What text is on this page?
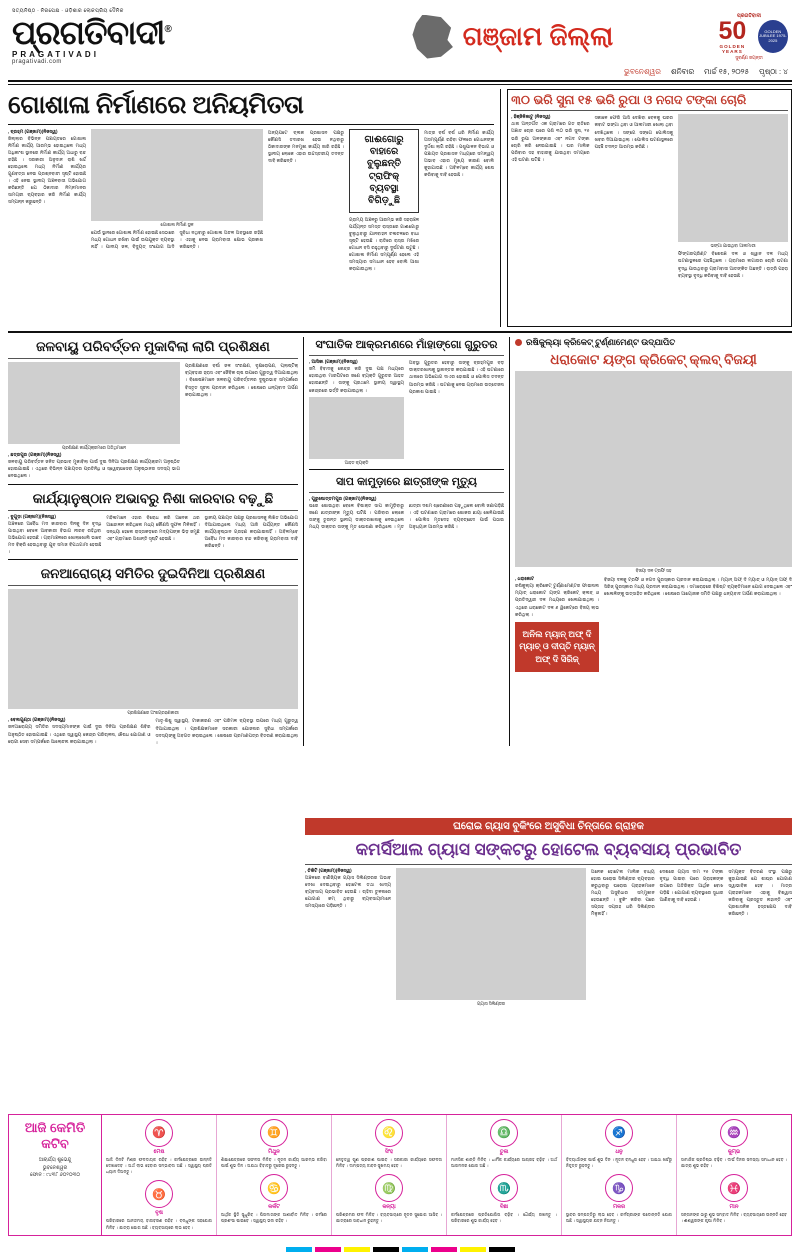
ସତ୍ୟନିଷ୍ଠ · ନିରପେକ୍ଷ · ଓଡ଼ିଶାର ଲୋକପ୍ରିୟ ଦୈନିକ
ପ୍ରଗତିବାଦୀ®
PRAGATIVADI
pragativadi.com
ଗଞ୍ଜାମ ଜିଲ୍ଲା
ପ୍ରଗତିବାଦୀ
50
GOLDEN YEARS
GOLDEN JUBILEE 1975-2025
ସୁବର୍ଣ୍ଣ ଜୟନ୍ତୀ
ଭୁବନେଶ୍ୱର ଶନିବାର ମାର୍ଚ୍ଚ ୧୫, ୨୦୨୫ ପୃଷ୍ଠା : ୪
ଗୋଶାଳା ନିର୍ମାଣରେ ଅନିୟମିତତା
‚ ବ୍ରହ୍ମ (ଗଞ୍ଜାମ)(ନିଜସ୍ୱ)
ଜିଲ୍ଲାର ବିଭିନ୍ନ ପଞ୍ଚାୟତରେ ଗୋଶାଳା ନିର୍ମାଣ କାର୍ଯ୍ୟ ଆରମ୍ଭ ହୋଇଥିଲେ ମଧ୍ୟ ଅଧିକାଂଶ ସ୍ଥାନରେ ନିର୍ମାଣ କାର୍ଯ୍ୟ ଅଧାରୁ ବନ୍ଦ ରହିଛି । ସରକାରୀ ଅନୁଦାନ ରାଶି ଖର୍ଚ୍ଚ ହୋଇଥିଲେ ମଧ୍ୟ ନିର୍ମାଣ କାର୍ଯ୍ୟର ଗୁଣବତ୍ତା ନେଇ ପ୍ରଶ୍ନବାଚୀ ସୃଷ୍ଟି ହୋଇଛି । ଏହି ନେଇ ସ୍ଥାନୀୟ ଅଞ୍ଚଳବାସୀ ଅଭିଯୋଗ କରିଛନ୍ତି ଯେ ଠିକାଦାର ନିମ୍ନମାନର ସାମଗ୍ରୀ ବ୍ୟବହାର କରି ନିର୍ମାଣ କାର୍ଯ୍ୟ ସମ୍ପନ୍ନ କରୁଛନ୍ତି ।
ଗୋଶାଳା ନିର୍ମାଣ ସ୍ଥଳ
ଯେଉଁ ସ୍ଥାନରେ ଗୋଶାଳା ନିର୍ମାଣ ହୋଇଛି ସେଠାରେ ମଧ୍ୟ ଗୋଧନ ରଖିବା ପାଇଁ ଉପଯୁକ୍ତ ବ୍ୟବସ୍ଥା ନାହିଁ । ପାନୀୟ ଜଳ, ବିଦ୍ୟୁତ୍ ସଂଯୋଗ ଆଦି ସୁବିଧା ନଥିବାରୁ ଗୋଶାଳା ଅଚଳ ଅବସ୍ଥାରେ ରହିଛି । ଏହାକୁ ନେଇ ଗ୍ରାମବାସୀ କ୍ଷୋଭ ପ୍ରକାଶ କରିଛନ୍ତି ।
ଅନ୍ୟପଟେ ବ୍ଲକ ପ୍ରଶାସନ ପକ୍ଷରୁ କୌଣସି ତଦାରଖ ହେଉ ନଥିବାରୁ ଠିକାଦାରଙ୍କ ମନମୁଖୀ କାର୍ଯ୍ୟ ଜାରି ରହିଛି । ସ୍ଥାନୀୟ ଲୋକେ ଏହାର ଉଚ୍ଚସ୍ତରୀୟ ତଦନ୍ତ ଦାବି କରିଛନ୍ତି ।
ଗାଈଗୋରୁ ବାହାରେ ବୁଲୁଛନ୍ତି ଟ୍ରାଫିକ୍ ବ୍ୟବସ୍ଥା ବିଗିଡ଼ୁଛି
ଗ୍ରାମ୍ୟ ଅଞ୍ଚଳରୁ ଆରମ୍ଭ କରି ସହରାଞ୍ଚଳ ପର୍ଯ୍ୟନ୍ତ ସମସ୍ତ ରାସ୍ତାରେ ଗାଈଗୋରୁ ବୁଲୁଥିବାରୁ ଯାନବାହନ ଚଳାଚଳରେ ବାଧା ସୃଷ୍ଟି ହେଉଛି । ରାତିରେ ରାସ୍ତା ମଝିରେ ଗୋଧନ ବସି ରହୁଥିବାରୁ ଦୁର୍ଘଟଣା ଘଟୁଛି । ଗୋଶାଳା ନିର୍ମାଣ ସମ୍ପୂର୍ଣ୍ଣ ହେଲେ ଏହି ସମସ୍ୟାର ସମାଧାନ ହେବ ବୋଲି ଆଶା କରାଯାଉଥିଲା ।
ମାତ୍ର ବର୍ଷ ବର୍ଷ ଧରି ନିର୍ମାଣ କାର୍ଯ୍ୟ ଅସମ୍ପୂର୍ଣ୍ଣ ରହିବା ଫଳରେ ଗୋଧନଙ୍କ ଦୁର୍ଦ୍ଦଶା ଲାଗି ରହିଛି । ପଶୁପାଳନ ବିଭାଗ ଓ ପଞ୍ଚାୟତ ପ୍ରଶାସନ ମଧ୍ୟରେ ସମନ୍ୱୟ ଅଭାବ ଏହାର ମୁଖ୍ୟ କାରଣ ବୋଲି କୁହାଯାଉଛି । ଅବିଳମ୍ବେ କାର୍ଯ୍ୟ ଶେଷ କରିବାକୁ ଦାବି ହେଉଛି ।
୩୦ ଭରି ସୁନା ୧୫ ଭରି ରୁପା ଓ ନଗଦ ଟଙ୍କା ଚୋରି
‚ ହିଞ୍ଜିଳିକାଟୁ (ନିଜସ୍ୱ)
ଥାନା ଅନ୍ତର୍ଗତ ଏକ ଗ୍ରାମରେ ଗତ ରାତିରେ ଅଜ୍ଞାତ ଚୋର ଘରେ ପଶି ୩୦ ଭରି ସୁନା, ୧୫ ଭରି ରୁପା ଅଳଙ୍କାର ଏବଂ ନଗଦ ଟଙ୍କା ଚୋରି କରି ନେଇଯାଇଛି । ଘର ମାଲିକ ପରିବାର ସହ ବାହାରକୁ ଯାଇଥିବା ସମୟରେ ଏହି ଘଟଣା ଘଟିଛି ।
ସକାଳେ ଫେରି ଆସି ଦେଖିବା ବେଳକୁ ଘରର କବାଟ ଭଙ୍ଗା ଥିବା ଓ ଆଲମାରୀ ଖୋଲା ଥିବା ଦେଖିଥିଲେ । ସଙ୍ଗେ ସଙ୍ଗେ ପୋଲିସକୁ ଖବର ଦିଆଯାଇଥିଲା । ପୋଲିସ ଘଟଣାସ୍ଥଳରେ ପହଞ୍ଚି ତଦନ୍ତ ଆରମ୍ଭ କରିଛି ।
ଭଙ୍ଗା ଯାଇଥିବା ଆଲମାରୀ
ଫିଙ୍ଗରପ୍ରିଣ୍ଟ ବିଶେଷଜ୍ଞ ଦଳ ଓ ଶ୍ୱାନ ଦଳ ମଧ୍ୟ ଘଟଣାସ୍ଥଳରେ ପହଞ୍ଚିଥିଲେ । ଗ୍ରାମରେ ଲଗାତାର ଚୋରି ଘଟଣା ବୃଦ୍ଧି ପାଉଥିବାରୁ ଗ୍ରାମବାସୀ ଆତଙ୍କିତ ଅଛନ୍ତି । ରାତ୍ରି ପହରା ବ୍ୟବସ୍ଥା ବୃଦ୍ଧି କରିବାକୁ ଦାବି ହେଉଛି ।
ଜଳବାୟୁ ପରିବର୍ତ୍ତନ ମୁକାବିଲା ଲାଗି ପ୍ରଶିକ୍ଷଣ
ପ୍ରଶିକ୍ଷଣ କାର୍ଯ୍ୟକ୍ରମରେ ଅତିଥିମାନେ
‚ ଛତ୍ରପୁର (ଗଞ୍ଜାମ)(ନିଜସ୍ୱ)
ଜଳବାୟୁ ପରିବର୍ତ୍ତନ ଜନିତ ପ୍ରଭାବ ମୁକାବିଲା ପାଇଁ ଦୁଇ ଦିନିଆ ପ୍ରଶିକ୍ଷଣ କାର୍ଯ୍ୟକ୍ରମ ଅନୁଷ୍ଠିତ ହୋଇଯାଇଛି । ଏଥିରେ ବିଭିନ୍ନ ପଞ୍ଚାୟତର ପ୍ରତିନିଧି ଓ ସ୍ୱେଚ୍ଛାସେବୀ ଅନୁଷ୍ଠାନର ସଦସ୍ୟ ଭାଗ ନେଇଥିଲେ ।
ପ୍ରଶିକ୍ଷଣରେ ବର୍ଷା ଜଳ ସଂରକ୍ଷଣ, ବୃକ୍ଷରୋପଣ, ପ୍ଲାଷ୍ଟିକ୍ ବ୍ୟବହାର ହ୍ରାସ ଏବଂ ଜୈବିକ ଚାଷ ଉପରେ ଗୁରୁତ୍ୱ ଦିଆଯାଇଥିଲା । ବିଶେଷଜ୍ଞମାନେ ଜଳବାୟୁ ପରିବର୍ତ୍ତନର ଦୁଷ୍ପ୍ରଭାବ ସମ୍ପର୍କରେ ବିସ୍ତୃତ ସୂଚନା ପ୍ରଦାନ କରିଥିଲେ । ଶେଷରେ ଧନ୍ୟବାଦ ଅର୍ପଣ କରାଯାଇଥିଲା ।
କାର୍ଯ୍ୟାନୁଷ୍ଠାନ ଅଭାବରୁ ନିଶା କାରବାର ବଢ଼ୁଛି
‚ ବୁଗୁଡ଼ା (ଗଞ୍ଜାମ)(ନିଜସ୍ୱ)
ଅଞ୍ଚଳରେ ଅବୈଧ ମଦ କାରବାର ଦିନକୁ ଦିନ ବୃଦ୍ଧି ପାଉଥିବା ବେଳେ ଆବକାରୀ ବିଭାଗ ନୀରବ ରହିଥିବା ଅଭିଯୋଗ ହେଉଛି । ଗ୍ରାମାଞ୍ଚଳରେ ଖୋଲାଖୋଲି ଭାବେ ମଦ ବିକ୍ରି ହେଉଥିବାରୁ ଯୁବ ସମାଜ ବିପଥଗାମୀ ହେଉଛି ।
ମହିଳାମାନେ ଏହାର ବିରୋଧ କରି ଅନେକ ଥର ଆନ୍ଦୋଳନ କରିଥିଲେ ମଧ୍ୟ କୌଣସି ସୁଫଳ ମିଳିନାହିଁ । ସନ୍ଧ୍ୟା ହେଲେ ରାସ୍ତାକଡ଼ରେ ମଦ୍ୟପଙ୍କ ଭିଡ଼ ଜମୁଛି ଏବଂ ଗ୍ରାମରେ ଅଶାନ୍ତି ସୃଷ୍ଟି ହେଉଛି ।
ସ୍ଥାନୀୟ ପଞ୍ଚାୟତ ପକ୍ଷରୁ ପ୍ରଶାସନକୁ ଲିଖିତ ଅଭିଯୋଗ ଦିଆଯାଇଥିଲେ ମଧ୍ୟ ଆଜି ପର୍ଯ୍ୟନ୍ତ କୌଣସି କାର୍ଯ୍ୟାନୁଷ୍ଠାନ ଗ୍ରହଣ କରାଯାଇନାହିଁ । ଅବିଳମ୍ବେ ଅବୈଧ ମଦ କାରବାର ବନ୍ଦ କରିବାକୁ ଗ୍ରାମବାସୀ ଦାବି କରିଛନ୍ତି ।
ଜନଆରୋଗ୍ୟ ସମିତିର ଦୁଇଦିନିଆ ପ୍ରଶିକ୍ଷଣ
ପ୍ରଶିକ୍ଷଣରେ ଅଂଶଗ୍ରହଣକାରୀ
‚ ବେଲଗୁଣ୍ଠା (ଗଞ୍ଜାମ)(ନିଜସ୍ୱ)
ଜନଆରୋଗ୍ୟ ସମିତିର ସଦସ୍ୟମାନଙ୍କ ପାଇଁ ଦୁଇ ଦିନିଆ ପ୍ରଶିକ୍ଷଣ ଶିବିର ଅନୁଷ୍ଠିତ ହୋଇଯାଇଛି । ଏଥିରେ ସ୍ୱାସ୍ଥ୍ୟ କେନ୍ଦ୍ର ପରିଚାଳନା, ଔଷଧ ଯୋଗାଣ ଓ ରୋଗୀ ସେବା ସମ୍ପର୍କରେ ଆଲୋଚନା କରାଯାଇଥିଲା ।
ମାତୃ-ଶିଶୁ ସ୍ୱାସ୍ଥ୍ୟ, ଟୀକାକରଣ ଏବଂ ପରିମଳ ବ୍ୟବସ୍ଥା ଉପରେ ମଧ୍ୟ ଗୁରୁତ୍ୱ ଦିଆଯାଇଥିଲା । ପ୍ରଶିକ୍ଷକମାନେ ସରକାରୀ ଯୋଜନାର ସୁବିଧା ସମ୍ପର୍କରେ ସଦସ୍ୟଙ୍କୁ ଅବଗତ କରାଇଥିଲେ । ଶେଷରେ ପ୍ରମାଣପତ୍ର ବିତରଣ କରାଯାଇଥିଲା ।
ସଂଘାତିକ ଆକ୍ରମଣରେ ମାଁହାଙ୍ଗୋ ଗୁରୁତର
‚ ଆସିକା (ଗଞ୍ଜାମ)(ନିଜସ୍ୱ)
ଜମି ବିବାଦକୁ କେନ୍ଦ୍ର କରି ଦୁଇ ପକ୍ଷ ମଧ୍ୟରେ ହୋଇଥିବା ମାରପିଟରେ ଜଣେ ବ୍ୟକ୍ତି ଗୁରୁତର ଆହତ ହୋଇଛନ୍ତି । ତାଙ୍କୁ ପ୍ରଥମେ ସ୍ଥାନୀୟ ସ୍ୱାସ୍ଥ୍ୟ କେନ୍ଦ୍ରରେ ଭର୍ତ୍ତି କରାଯାଇଥିଲା ।
ଆହତ ବ୍ୟକ୍ତି
ଅବସ୍ଥା ଗୁରୁତର ହେବାରୁ ତାଙ୍କୁ ବ୍ରହ୍ମପୁର ବଡ଼ ଡାକ୍ତରଖାନାକୁ ସ୍ଥାନାନ୍ତର କରାଯାଇଛି । ଏହି ଘଟଣାରେ ଥାନାରେ ଅଭିଯୋଗ ଦାଏର ହୋଇଛି ଓ ପୋଲିସ ତଦନ୍ତ ଆରମ୍ଭ କରିଛି । ଘଟଣାକୁ ନେଇ ଗ୍ରାମରେ ଉତ୍ତେଜନା ପ୍ରକାଶ ପାଇଛି ।
ସାପ କାମୁଡ଼ାରେ ଛାତ୍ରୀଙ୍କ ମୃତ୍ୟୁ
‚ ପୁରୁଷୋତ୍ତମପୁର (ଗଞ୍ଜାମ)(ନିଜସ୍ୱ)
ଘରେ ଶୋଇଥିବା ବେଳେ ବିଷାକ୍ତ ସାପ କାମୁଡ଼ିବାରୁ ଜଣେ ଛାତ୍ରୀଙ୍କ ମୃତ୍ୟୁ ଘଟିଛି । ପରିବାର ଲୋକେ ତାଙ୍କୁ ତୁରନ୍ତ ସ୍ଥାନୀୟ ଡାକ୍ତରଖାନାକୁ ନେଇଥିଲେ ମଧ୍ୟ ଡାକ୍ତର ତାଙ୍କୁ ମୃତ ଘୋଷଣା କରିଥିଲେ । ମୃତ ଛାତ୍ରୀ ଦଶମ ଶ୍ରେଣୀରେ ପଢ଼ୁଥିଲେ ବୋଲି ଜଣାପଡ଼ିଛି । ଏହି ଘଟଣାରେ ଗ୍ରାମରେ ଶୋକର ଛାୟା ଖେଳିଯାଇଛି । ପୋଲିସ ମୃତଦେହ ବ୍ୟବଚ୍ଛେଦ ପାଇଁ ପଠାଇ ଅନୁଧ୍ୟାନ ଆରମ୍ଭ କରିଛି ।
ରଷିକୁଲ୍ୟା କ୍ରିକେଟ୍ ଟୁର୍ଣ୍ଣାମେଣ୍ଟ ଉଦ୍‌ଯାପିତ
ଧରାକୋଟ ୟଙ୍ଗ କ୍ରିକେଟ୍ କ୍ଲବ୍ ବିଜୟୀ
ବିଜୟୀ ଦଳ ଟ୍ରଫି ସହ
‚ ଧରାକୋଟ
ରଷିକୁଲ୍ୟା କ୍ରିକେଟ୍ ଟୁର୍ଣ୍ଣାମେଣ୍ଟର ଫାଇନାଲ ମ୍ୟାଚ୍ ଧରାକୋଟ ୟଙ୍ଗ କ୍ରିକେଟ୍ କ୍ଲବ୍ ଓ ପ୍ରତିଦ୍ୱନ୍ଦୀ ଦଳ ମଧ୍ୟରେ ଖେଳାଯାଇଥିଲା । ଏଥିରେ ଧରାକୋଟ ଦଳ ୬ ୱିକେଟ୍‌ରେ ବିଜୟ ଲାଭ କରିଥିଲା ।
ଅନିଲ ମ୍ୟାନ୍ ଅଫ୍ ଦି ମ୍ୟାଚ୍ ଓ ଦୀପ୍ତି ମ୍ୟାନ୍ ଅଫ୍ ଦି ସିରିଜ୍
ବିଜୟୀ ଦଳକୁ ଟ୍ରଫି ଓ ନଗଦ ପୁରସ୍କାର ପ୍ରଦାନ କରାଯାଇଥିଲା । ମ୍ୟାନ୍ ଅଫ୍ ଦି ମ୍ୟାଚ୍ ଓ ମ୍ୟାନ୍ ଅଫ୍ ଦି ସିରିଜ୍ ପୁରସ୍କାର ମଧ୍ୟ ପ୍ରଦାନ କରାଯାଇଥିଲା । ସମାରୋହରେ ବିଶିଷ୍ଟ ବ୍ୟକ୍ତିମାନେ ଯୋଗ ଦେଇଥିଲେ ଏବଂ ଖେଳାଳିଙ୍କୁ ଉତ୍ସାହିତ କରିଥିଲେ । ଶେଷରେ ଆୟୋଜକ ସମିତି ପକ୍ଷରୁ ଧନ୍ୟବାଦ ଅର୍ପଣ କରାଯାଇଥିଲା ।
ଘରୋଇ ଗ୍ୟାସ ବୁକିଂରେ ଅସୁବିଧା ଚିନ୍ତାରେ ଗ୍ରାହକ
କମର୍ସିଆଲ ଗ୍ୟାସ ସଙ୍କଟରୁ ହୋଟେଲ ବ୍ୟବସାୟ ପ୍ରଭାବିତ
‚ ଚିକିଟି (ଗଞ୍ଜାମ)(ନିଜସ୍ୱ)
ଅଞ୍ଚଳରେ ବାଣିଜ୍ୟିକ ଗ୍ୟାସ ସିଲିଣ୍ଡରର ଅଭାବ ଦେଖା ଦେଇଥିବାରୁ ହୋଟେଲ ତଥା ଖାଦ୍ୟ ବ୍ୟବସାୟ ପ୍ରଭାବିତ ହେଉଛି । ଚାହିଦା ତୁଳନାରେ ଯୋଗାଣ କମ୍ ଥିବାରୁ ବ୍ୟବସାୟୀମାନେ ସମସ୍ୟାରେ ପଡ଼ିଛନ୍ତି ।
ଗ୍ୟାସ ସିଲିଣ୍ଡର
ଅନେକ ହୋଟେଲ ମାଲିକ ବାଧ୍ୟ ହୋଇ ଘରୋଇ ସିଲିଣ୍ଡର ବ୍ୟବହାର କରୁଥିବାରୁ ଘରୋଇ ଗ୍ରାହକମାନେ ମଧ୍ୟ ଅସୁବିଧାର ସମ୍ମୁଖୀନ ହେଉଛନ୍ତି । ବୁକିଂ କରିବା ପରେ ସପ୍ତାହ ସପ୍ତାହ ଧରି ସିଲିଣ୍ଡର ମିଳୁନାହିଁ ।
ଦେଶରେ ଗ୍ୟାସ ଦାମ ୧୫ ଟଙ୍କା ବୃଦ୍ଧି ପାଇବା ପରେ ଗ୍ରାହକଙ୍କ ଉପରେ ଅତିରିକ୍ତ ଆର୍ଥିକ ବୋଝ ପଡ଼ିଛି । ଯୋଗାଣ ବ୍ୟବସ୍ଥାରେ ସୁଧାର ଆଣିବାକୁ ଦାବି ହେଉଛି ।
ସମ୍ପୃକ୍ତ ବିତରଣ ସଂସ୍ଥା ପକ୍ଷରୁ କୁହାଯାଇଛି ଯେ ଶୀଘ୍ର ଯୋଗାଣ ସ୍ୱାଭାବିକ ହେବ । ମାତ୍ର ଗ୍ରାହକମାନେ ଏହାକୁ ବିଶ୍ୱାସ କରିବାକୁ ପ୍ରସ୍ତୁତ ନାହାନ୍ତି ଏବଂ ପ୍ରଶାସନିକ ହସ୍ତକ୍ଷେପ ଦାବି କରିଛନ୍ତି ।
ଆଜି କେମିତି କଟିବ
ଆଚାର୍ଯ୍ୟ ଶୁଭେନ୍ଦୁ
ଭୁବନେଶ୍ୱର
ଫୋନ : ୯୪୩୮ ୬୦୨୦୩୦
♈
ମେଷ
ଆଜି ଦିନଟି ମିଶ୍ର ଫଳଦାୟକ ରହିବ । କର୍ମକ୍ଷେତ୍ରରେ ଉନ୍ନତି ଦେଖାଦେବ । ଅର୍ଥ ଲାଭ ହେବାର ସମ୍ଭାବନା ଅଛି । ସ୍ୱାସ୍ଥ୍ୟ ପ୍ରତି ଧ୍ୟାନ ଦିଅନ୍ତୁ ।
♉
ବୃଷ
ପରିବାରରେ ଆନନ୍ଦମୟ ବାତାବରଣ ରହିବ । ବନ୍ଧୁଙ୍କ ସହଯୋଗ ମିଳିବ । ଯାତ୍ରା ଯୋଗ ଅଛି । ବ୍ୟବସାୟରେ ଲାଭ ହେବ ।
♊
ମିଥୁନ
ଶିକ୍ଷାକ୍ଷେତ୍ରରେ ସଫଳତା ମିଳିବ । ନୂତନ କାର୍ଯ୍ୟ ଆରମ୍ଭ କରିବା ପାଇଁ ଶୁଭ ଦିନ । ଅଯଥା ବିବାଦରୁ ଦୂରେଇ ରୁହନ୍ତୁ ।
♋
କର୍କଟ
ଆର୍ଥିକ ସ୍ଥିତି ସୁଧୁରିବ । ପିତାମାତାଙ୍କ ଆଶୀର୍ବାଦ ମିଳିବ । କର୍ମରେ ପ୍ରଶଂସା ପାଇବେ । ସ୍ୱାସ୍ଥ୍ୟ ଭଲ ରହିବ ।
♌
ସିଂହ
ନେତୃତ୍ୱ ଗୁଣ ପ୍ରକାଶ ପାଇବ । ସରକାରୀ କାର୍ଯ୍ୟରେ ସଫଳତା ମିଳିବ । ଦାମ୍ପତ୍ୟ ଜୀବନ ସୁଖମୟ ହେବ ।
♍
କନ୍ୟା
ପରିଶ୍ରମର ଫଳ ମିଳିବ । ବ୍ୟବସାୟରେ ନୂତନ ସୁଯୋଗ ଆସିବ । ଯାତ୍ରାରେ ସାବଧାନ ରୁହନ୍ତୁ ।
♎
ତୁଳା
ମାନସିକ ଶାନ୍ତି ମିଳିବ । ଧାର୍ମିକ କାର୍ଯ୍ୟରେ ଆଗ୍ରହ ବଢ଼ିବ । ଅର୍ଥ ଆଗମନର ଯୋଗ ଅଛି ।
♏
ବିଛା
କର୍ମକ୍ଷେତ୍ରରେ ପ୍ରତିଯୋଗିତା ବଢ଼ିବ । ଧୈର୍ଯ୍ୟ ରଖନ୍ତୁ । ପରିବାରରେ ଶୁଭ କାର୍ଯ୍ୟ ହେବ ।
♐
ଧନୁ
ବିଦ୍ୟାର୍ଥୀଙ୍କ ପାଇଁ ଶୁଭ ଦିନ । ନୂତନ ବନ୍ଧୁତା ହେବ । ଅଯଥା ଖର୍ଚ୍ଚରୁ ନିବୃତ୍ତ ରୁହନ୍ତୁ ।
♑
ମକର
ସ୍ଥାବର ସମ୍ପତ୍ତିରୁ ଲାଭ ହେବ । କର୍ମଚାରୀଙ୍କ ପଦୋନ୍ନତି ଯୋଗ ଅଛି । ସ୍ୱାସ୍ଥ୍ୟର ଯତ୍ନ ନିଅନ୍ତୁ ।
♒
କୁମ୍ଭ
ସାମାଜିକ ପ୍ରତିଷ୍ଠା ବଢ଼ିବ । ଦୀର୍ଘ ଦିନର ସମସ୍ୟା ସମାଧାନ ହେବ । ଯାତ୍ରା ଶୁଭ ରହିବ ।
♓
ମୀନ
ସନ୍ତାନଙ୍କ ଠାରୁ ଶୁଭ ସମ୍ବାଦ ମିଳିବ । ବ୍ୟବସାୟରେ ଉନ୍ନତି ହେବ । ଈଶ୍ୱରଙ୍କ କୃପା ମିଳିବ ।
